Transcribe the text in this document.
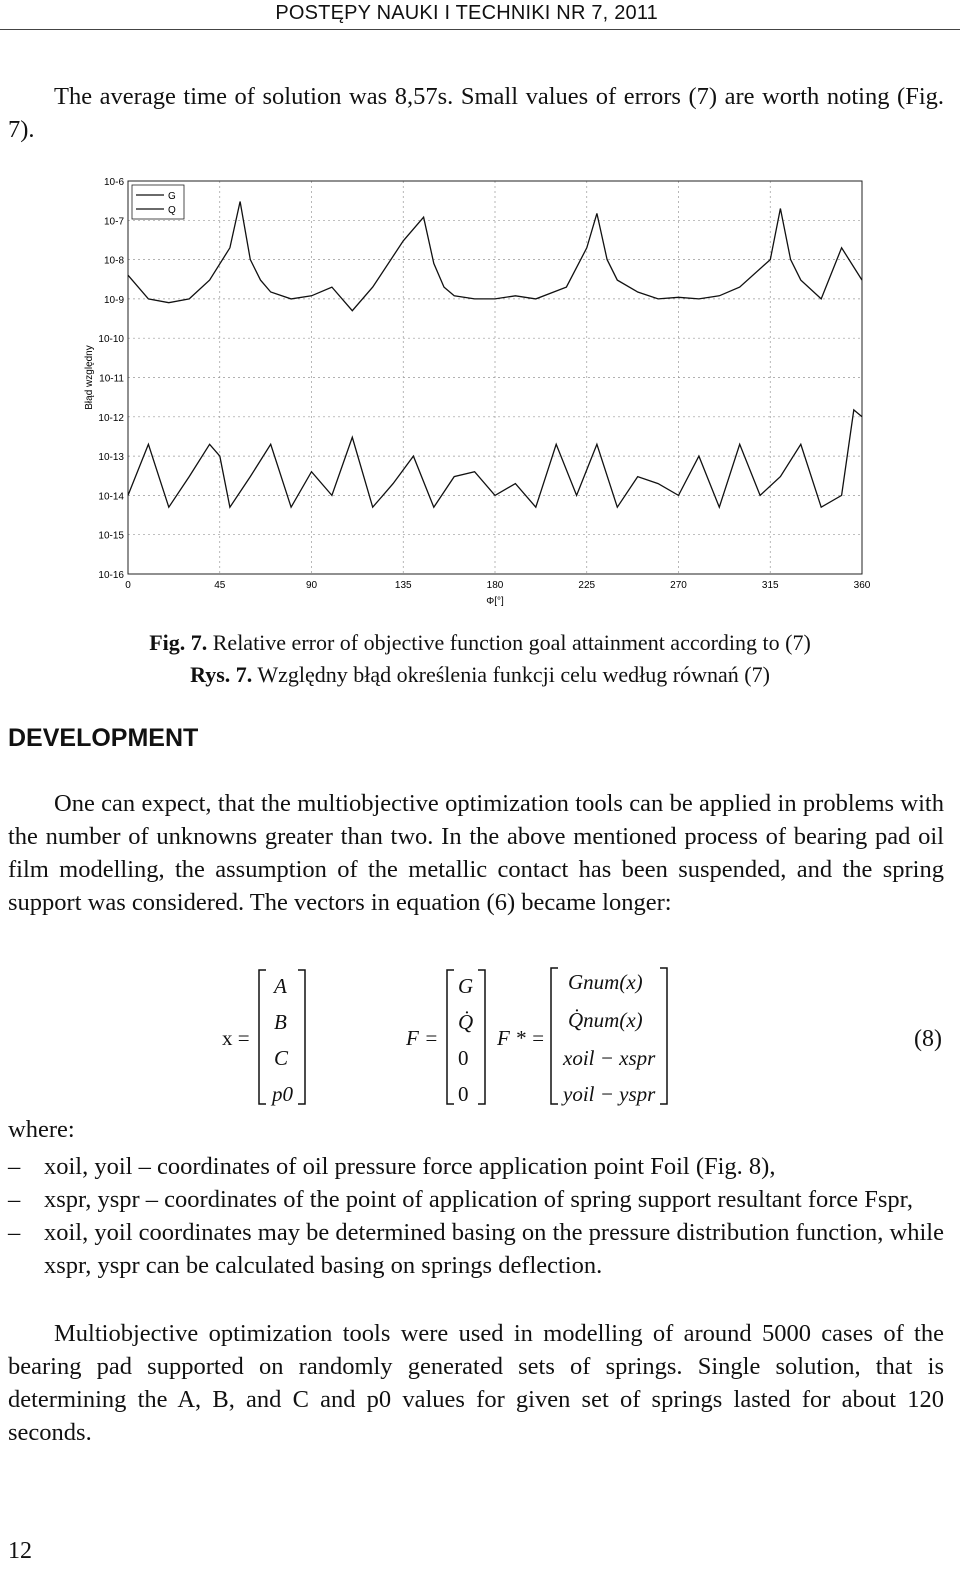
POSTĘPY NAUKI I TECHNIKI NR 7, 2011
The average time of solution was 8,57s. Small values of errors (7) are worth noting (Fig. 7).
0	45	90	135	180	225	270	315	360
10-6
10-7
10-8
10-9
10-10
10-11
10-12
10-13
10-14
10-15
10-16
Φ[°]
Błąd względny
G
Q
Fig. 7. Relative error of objective function goal attainment according to (7)
Rys. 7. Względny błąd określenia funkcji celu według równań (7)
DEVELOPMENT
One can expect, that the multiobjective optimization tools can be applied in problems with the number of unknowns greater than two. In the above mentioned process of bearing pad oil film modelling, the assumption of the metallic contact has been suspended, and the spring support was considered. The vectors in equation (6) became longer:
x =
A
B
C
p0
F =
G
Q̇
0
0
F * =
Gnum(x)
Q̇num(x)
xoil − xspr
yoil − yspr
(8)
where:
– xoil, yoil – coordinates of oil pressure force application point Foil (Fig. 8),
– xspr, yspr – coordinates of the point of application of spring support resultant force Fspr,
– xoil, yoil coordinates may be determined basing on the pressure distribution function, while xspr, yspr can be calculated basing on springs deflection.
Multiobjective optimization tools were used in modelling of around 5000 cases of the bearing pad supported on randomly generated sets of springs. Single solution, that is determining the A, B, and C and p0 values for given set of springs lasted for about 120 seconds.
12
